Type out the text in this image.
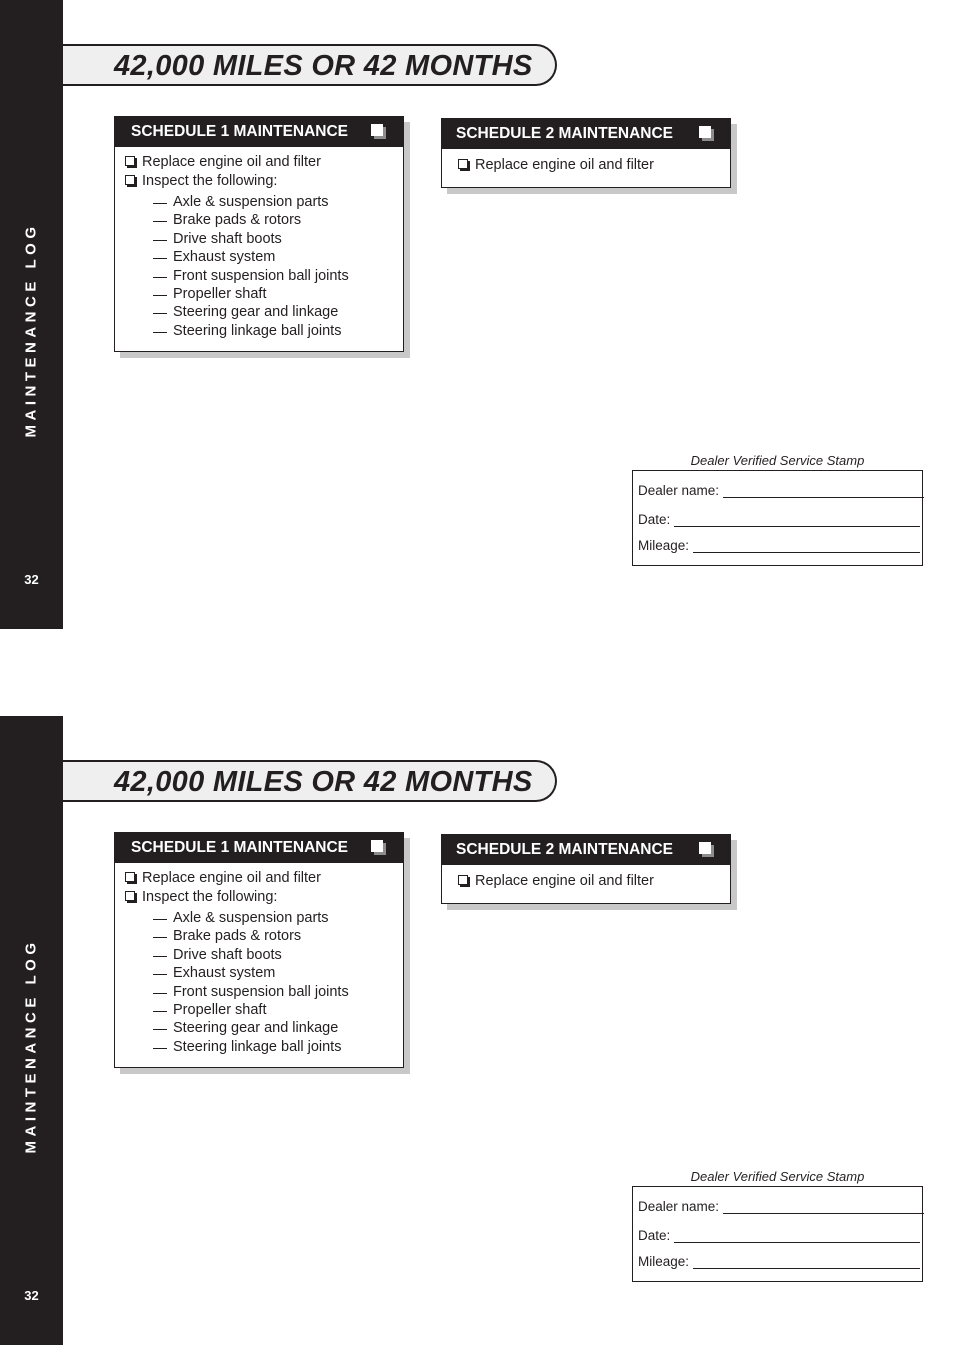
MAINTENANCE LOG
32
42,000 MILES OR 42 MONTHS
SCHEDULE 1 MAINTENANCE
Replace engine oil and filter
Inspect the following:
Axle & suspension parts
Brake pads & rotors
Drive shaft boots
Exhaust system
Front suspension ball joints
Propeller shaft
Steering gear and linkage
Steering linkage ball joints
SCHEDULE 2 MAINTENANCE
Replace engine oil and filter
Dealer Verified Service Stamp
Dealer name:
Date:
Mileage:
MAINTENANCE LOG
32
42,000 MILES OR 42 MONTHS
SCHEDULE 1 MAINTENANCE
Replace engine oil and filter
Inspect the following:
Axle & suspension parts
Brake pads & rotors
Drive shaft boots
Exhaust system
Front suspension ball joints
Propeller shaft
Steering gear and linkage
Steering linkage ball joints
SCHEDULE 2 MAINTENANCE
Replace engine oil and filter
Dealer Verified Service Stamp
Dealer name:
Date:
Mileage:
